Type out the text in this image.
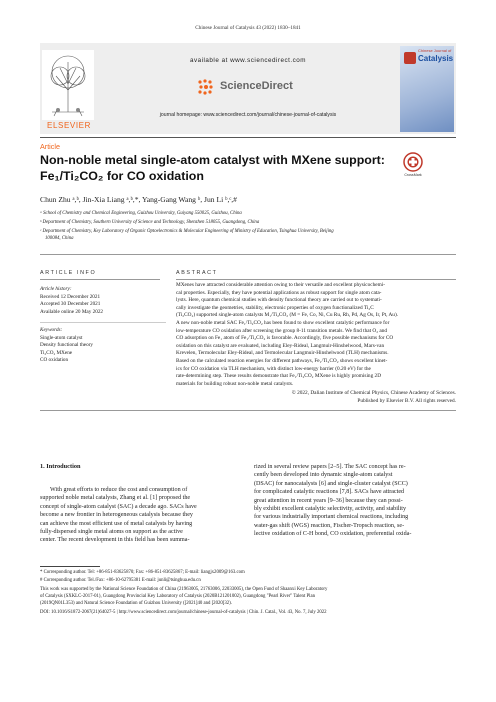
Chinese Journal of Catalysis 43 (2022) 1830–1841
ELSEVIER
available at www.sciencedirect.com
ScienceDirect
journal homepage: www.sciencedirect.com/journal/chinese-journal-of-catalysis
Chinese Journal of
Catalysis
Article
Non-noble metal single-atom catalyst with MXene support:
Fe₁/Ti₂CO₂ for CO oxidation	CrossMark
Chun Zhu ᵃ,ᵇ, Jin-Xia Liang ᵃ,ᵇ,*, Yang-Gang Wang ᵇ, Jun Li ᵇ,ᶜ,#
ᵃ School of Chemistry and Chemical Engineering, Guizhou University, Guiyang 550025, Guizhou, China
ᵇ Department of Chemistry, Southern University of Science and Technology, Shenzhen 518055, Guangdong, China
ᶜ Department of Chemistry, Key Laboratory of Organic Optoelectronics & Molecular Engineering of Ministry of Education, Tsinghua University, Beijing
100084, China
ARTICLE INFO	ABSTRACT
Article history:
Received 12 December 2021
Accepted 30 December 2021
Available online 20 May 2022
Keywords:
Single-atom catalyst
Density functional theory
Ti₂CO₂ MXene
CO oxidation
MXenes have attracted considerable attention owing to their versatile and excellent physicochemi-
cal properties. Especially, they have potential applications as robust support for single atom cata-
lysts. Here, quantum chemical studies with density functional theory are carried out to systemati-
cally investigate the geometries, stability, electronic properties of oxygen functionalized Ti₂C
(Ti₂CO₂) supported single-atom catalysts M₁/Ti₂CO₂ (M = Fe, Co, Ni, Cu Ru, Rh, Pd, Ag Os, Ir, Pt, Au).
A new non-noble metal SAC Fe₁/Ti₂CO₂ has been found to show excellent catalytic performance for
low-temperature CO oxidation after screening the group 8-11 transition metals. We find that O₂ and
CO adsorption on Fe₁ atom of Fe₁/Ti₂CO₂ is favorable. Accordingly, five possible mechanisms for CO
oxidation on this catalyst are evaluated, including Eley-Rideal, Langmuir-Hinshelwood, Mars-van
Krevelen, Termolecular Eley-Rideal, and Termolecular Langmuir-Hinshelwood (TLH) mechanisms.
Based on the calculated reaction energies for different pathways, Fe₁/Ti₂CO₂ shows excellent kinet-
ics for CO oxidation via TLH mechanism, with distinct low-energy barrier (0.20 eV) for the
rate-determining step. These results demonstrate that Fe₁/Ti₂CO₂ MXene is highly promising 2D
materials for building robust non-noble metal catalysts.
© 2022, Dalian Institute of Chemical Physics, Chinese Academy of Sciences.
Published by Elsevier B.V. All rights reserved.
1. Introduction
With great efforts to reduce the cost and consumption of
supported noble metal catalysts, Zhang et al. [1] proposed the
concept of single-atom catalyst (SAC) a decade ago. SACs have
become a new frontier in heterogeneous catalysis because they
can achieve the most efficient use of metal catalysts by having
fully-dispersed single metal atoms on support as the active
center. The recent development in this field has been summa-
rized in several review papers [2–5]. The SAC concept has re-
cently been developed into dynamic single-atom catalyst
(DSAC) for nanocatalysts [6] and single-cluster catalyst (SCC)
for complicated catalytic reactions [7,8]. SACs have attracted
great attention in recent years [9–36] because they can possi-
bly exhibit excellent catalytic selectivity, activity, and stability
for various industrially important chemical reactions, including
water-gas shift (WGS) reaction, Fischer-Tropsch reaction, se-
lective oxidation of C-H bond, CO oxidation, preferential oxida-
* Corresponding author. Tel: +86-851-83625870; Fax: +86-851-83625867; E-mail: liangjx2009@163.com
# Corresponding author. Tel./Fax: +86-10-62795381 E-mail: junli@tsinghua.edu.cn
This work was supported by the National Science Foundation of China (21963005, 21763006, 22033005), the Open Fund of Shaanxi Key Laboratory
of Catalysis (SXKLC-2017-01), Guangdong Provincial Key Laboratory of Catalysis (2020B121201002), Guangdong "Pearl River" Talent Plan
(2019QN01L353) and Natural Science Foundation of Guizhou University ([2021]40 and [2020]32).
DOI: 10.1016/S1872-2067(21)64027-5 | http://www.sciencedirect.com/journal/chinese-journal-of-catalysis | Chin. J. Catal., Vol. 43, No. 7, July 2022
